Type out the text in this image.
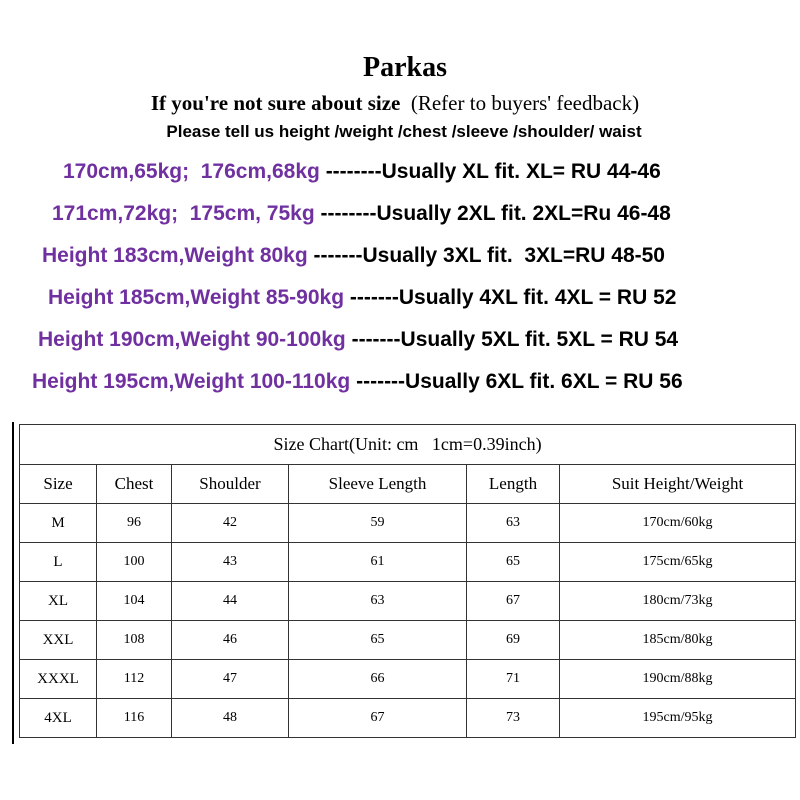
Parkas
If you're not sure about size (Refer to buyers' feedback)
Please tell us height /weight /chest /sleeve /shoulder/ waist
170cm,65kg;  176cm,68kg --------Usually XL fit. XL= RU 44-46
171cm,72kg;  175cm, 75kg --------Usually 2XL fit. 2XL=Ru 46-48
Height 183cm,Weight 80kg -------Usually 3XL fit.  3XL=RU 48-50
Height 185cm,Weight 85-90kg -------Usually 4XL fit. 4XL = RU 52
Height 190cm,Weight 90-100kg -------Usually 5XL fit. 5XL = RU 54
Height 195cm,Weight 100-110kg -------Usually 6XL fit. 6XL = RU 56
Size Chart(Unit: cm   1cm=0.39inch)					
Size	Chest	Shoulder	Sleeve Length	Length	Suit Height/Weight
M	96	42	59	63	170cm/60kg
L	100	43	61	65	175cm/65kg
XL	104	44	63	67	180cm/73kg
XXL	108	46	65	69	185cm/80kg
XXXL	112	47	66	71	190cm/88kg
4XL	116	48	67	73	195cm/95kg
